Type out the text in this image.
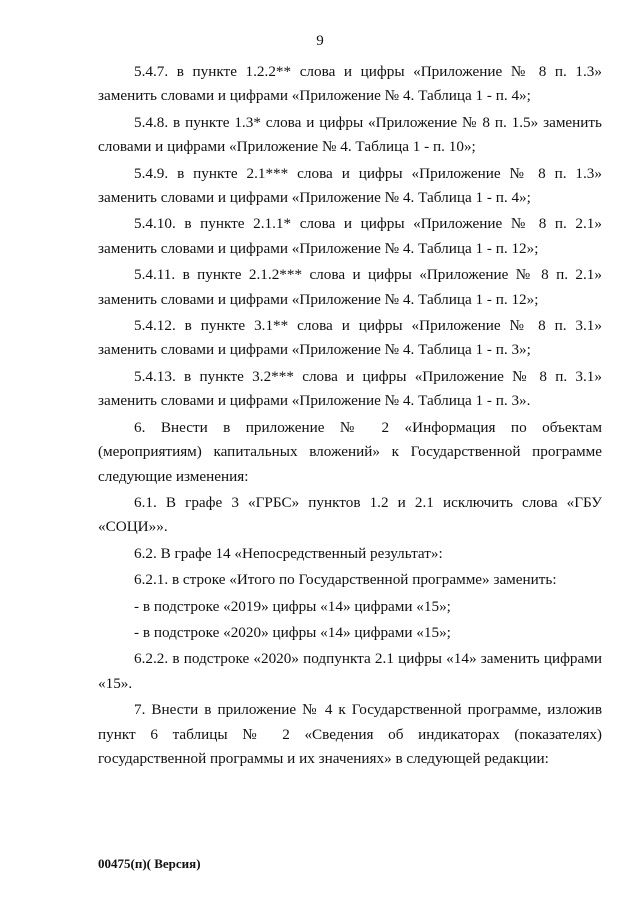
9

5.4.7. в пункте 1.2.2** слова и цифры «Приложение № 8 п. 1.3» заменить словами и цифрами «Приложение № 4. Таблица 1 - п. 4»;

5.4.8. в пункте 1.3* слова и цифры «Приложение № 8 п. 1.5» заменить словами и цифрами «Приложение № 4. Таблица 1 - п. 10»;

5.4.9. в пункте 2.1*** слова и цифры «Приложение № 8 п. 1.3» заменить словами и цифрами «Приложение № 4. Таблица 1 - п. 4»;

5.4.10. в пункте 2.1.1* слова и цифры «Приложение № 8 п. 2.1» заменить словами и цифрами «Приложение № 4. Таблица 1 - п. 12»;

5.4.11. в пункте 2.1.2*** слова и цифры «Приложение № 8 п. 2.1» заменить словами и цифрами «Приложение № 4. Таблица 1 - п. 12»;

5.4.12. в пункте 3.1** слова и цифры «Приложение № 8 п. 3.1» заменить словами и цифрами «Приложение № 4. Таблица 1 - п. 3»;

5.4.13. в пункте 3.2*** слова и цифры «Приложение № 8 п. 3.1» заменить словами и цифрами «Приложение № 4. Таблица 1 - п. 3».

6. Внести в приложение № 2 «Информация по объектам (мероприятиям) капитальных вложений» к Государственной программе следующие изменения:

6.1. В графе 3 «ГРБС» пунктов 1.2 и 2.1 исключить слова «ГБУ «СОЦИ»».

6.2. В графе 14 «Непосредственный результат»:

6.2.1. в строке «Итого по Государственной программе» заменить:

- в подстроке «2019» цифры «14» цифрами «15»;

- в подстроке «2020» цифры «14» цифрами «15»;

6.2.2. в подстроке «2020» подпункта 2.1 цифры «14» заменить цифрами «15».

7. Внести в приложение № 4 к Государственной программе, изложив пункт 6 таблицы № 2 «Сведения об индикаторах (показателях) государственной программы и их значениях» в следующей редакции:

00475(п)( Версия)
